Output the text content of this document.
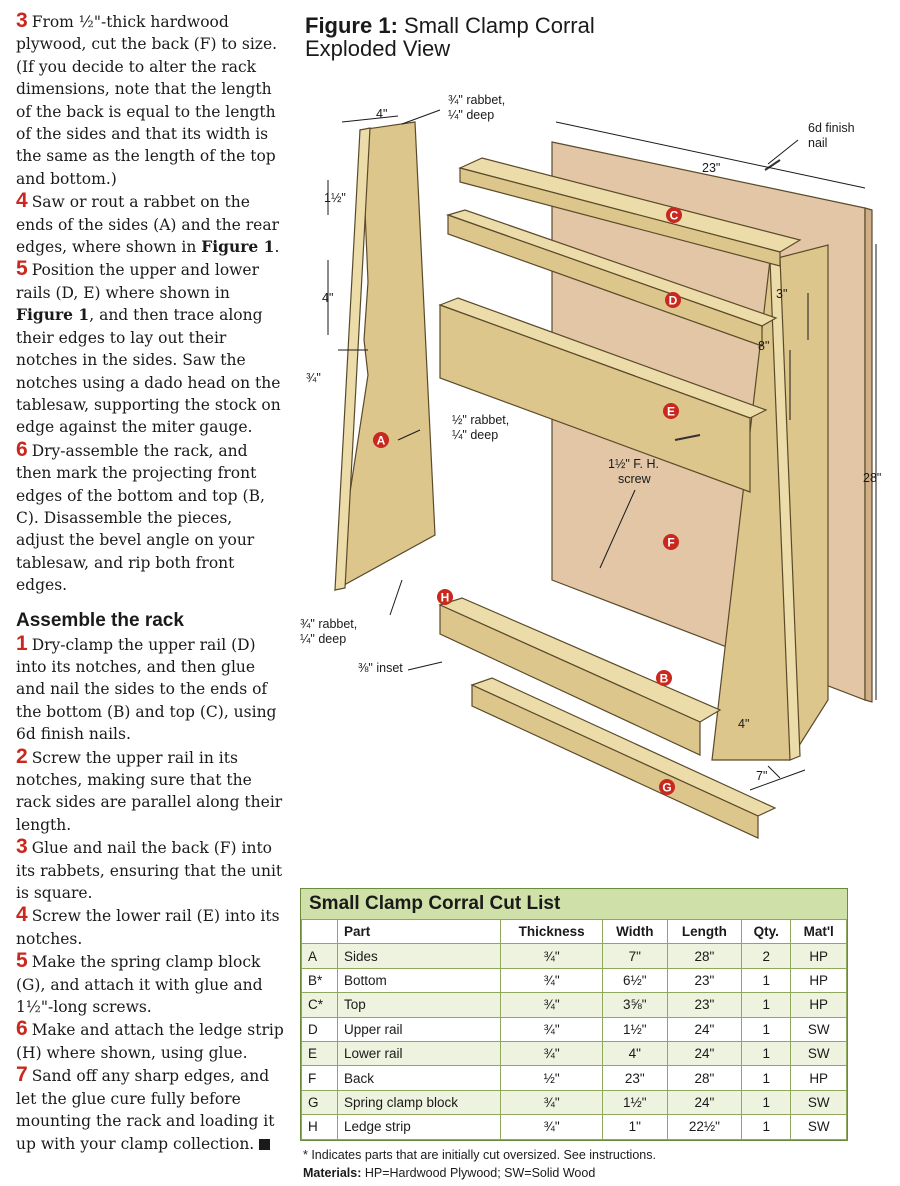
3 From ½"-thick hardwood plywood, cut the back (F) to size. (If you decide to alter the rack dimensions, note that the length of the back is equal to the length of the sides and that its width is the same as the length of the top and bottom.)

4 Saw or rout a rabbet on the ends of the sides (A) and the rear edges, where shown in Figure 1.

5 Position the upper and lower rails (D, E) where shown in Figure 1, and then trace along their edges to lay out their notches in the sides. Saw the notches using a dado head on the tablesaw, supporting the stock on edge against the miter gauge.

6 Dry-assemble the rack, and then mark the projecting front edges of the bottom and top (B, C). Disassemble the pieces, adjust the bevel angle on your tablesaw, and rip both front edges.

Assemble the rack

1 Dry-clamp the upper rail (D) into its notches, and then glue and nail the sides to the ends of the bottom (B) and top (C), using 6d finish nails.

2 Screw the upper rail in its notches, making sure that the rack sides are parallel along their length.

3 Glue and nail the back (F) into its rabbets, ensuring that the unit is square.

4 Screw the lower rail (E) into its notches.

5 Make the spring clamp block (G), and attach it with glue and 1½"-long screws.

6 Make and attach the ledge strip (H) where shown, using glue.

7 Sand off any sharp edges, and let the glue cure fully before mounting the rack and loading it up with your clamp collection.

Figure 1: Small Clamp Corral
Exploded View
4"
¾" rabbet,
¼" deep
1½"
4"
¾"
½" rabbet,
¼" deep
¾" rabbet,
¼" deep
⅜" inset
6d finish
nail
23"
3"
8"
28"
1½" F. H.
screw
4"
7"
A
B
C
D
E
F
G
H
Small Clamp Corral Cut List
	Part	Thickness	Width	Length	Qty.	Mat'l
A	Sides	¾"	7"	28"	2	HP
B*	Bottom	¾"	6½"	23"	1	HP
C*	Top	¾"	3⅝"	23"	1	HP
D	Upper rail	¾"	1½"	24"	1	SW
E	Lower rail	¾"	4"	24"	1	SW
F	Back	½"	23"	28"	1	HP
G	Spring clamp block	¾"	1½"	24"	1	SW
H	Ledge strip	¾"	1"	22½"	1	SW
* Indicates parts that are initially cut oversized. See instructions.
Materials: HP=Hardwood Plywood; SW=Solid Wood
